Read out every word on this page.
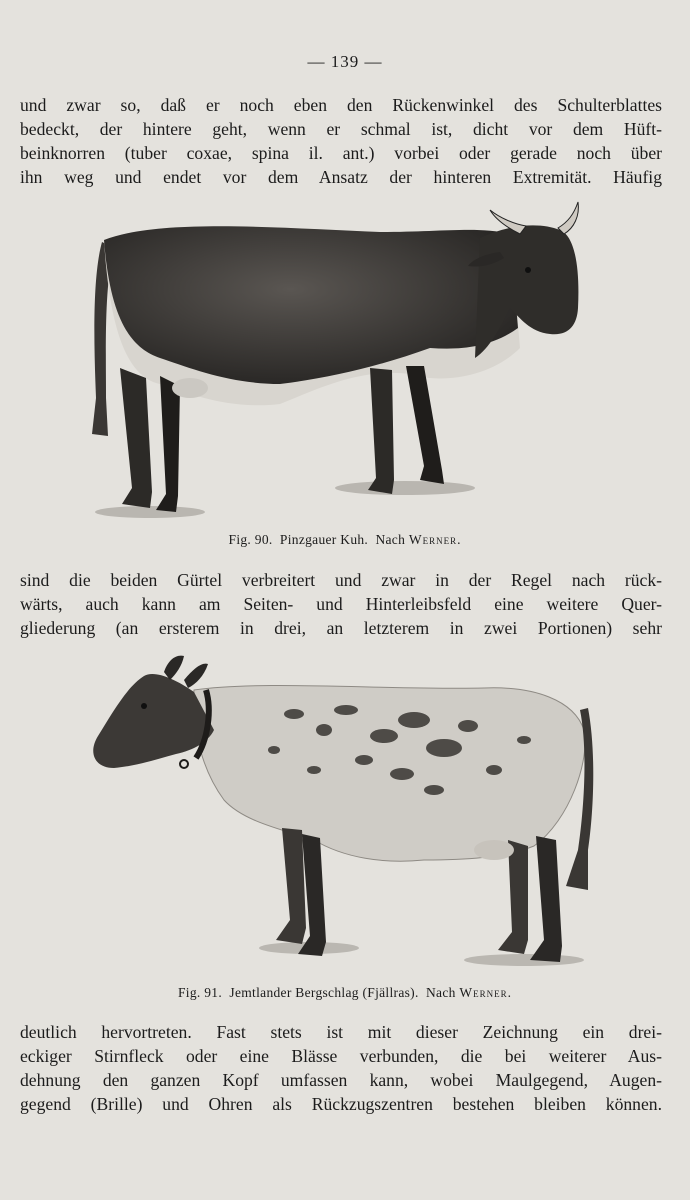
— 139 —
und zwar so, daß er noch eben den Rückenwinkel des Schulterblattes
bedeckt, der hintere geht, wenn er schmal ist, dicht vor dem Hüft-
beinknorren (tuber coxae, spina il. ant.) vorbei oder gerade noch über
ihn weg und endet vor dem Ansatz der hinteren Extremität. Häufig
Fig. 90. Pinzgauer Kuh. Nach Werner.
sind die beiden Gürtel verbreitert und zwar in der Regel nach rück-
wärts, auch kann am Seiten- und Hinterleibsfeld eine weitere Quer-
gliederung (an ersterem in drei, an letzterem in zwei Portionen) sehr
Fig. 91. Jemtlander Bergschlag (Fjällras). Nach Werner.
deutlich hervortreten. Fast stets ist mit dieser Zeichnung ein drei-
eckiger Stirnfleck oder eine Blässe verbunden, die bei weiterer Aus-
dehnung den ganzen Kopf umfassen kann, wobei Maulgegend, Augen-
gegend (Brille) und Ohren als Rückzugszentren bestehen bleiben können.
